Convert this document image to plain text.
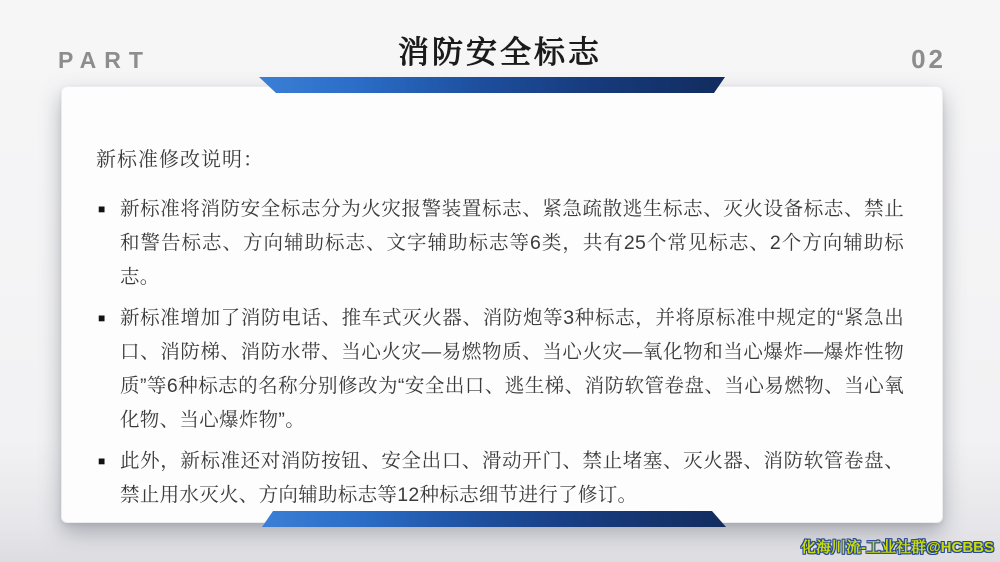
PART	消防安全标志	02
新标准修改说明：
■ 新标准将消防安全标志分为火灾报警装置标志、紧急疏散逃生标志、灭火设备标志、禁止和警告标志、方向辅助标志、文字辅助标志等6类，共有25个常见标志、2个方向辅助标志。
■ 新标准增加了消防电话、推车式灭火器、消防炮等3种标志，并将原标准中规定的“紧急出口、消防梯、消防水带、当心火灾—易燃物质、当心火灾—氧化物和当心爆炸—爆炸性物质”等6种标志的名称分别修改为“安全出口、逃生梯、消防软管卷盘、当心易燃物、当心氧化物、当心爆炸物”。
■ 此外，新标准还对消防按钮、安全出口、滑动开门、禁止堵塞、灭火器、消防软管卷盘、禁止用水灭火、方向辅助标志等12种标志细节进行了修订。
化海川流-工业社群@HCBBS
